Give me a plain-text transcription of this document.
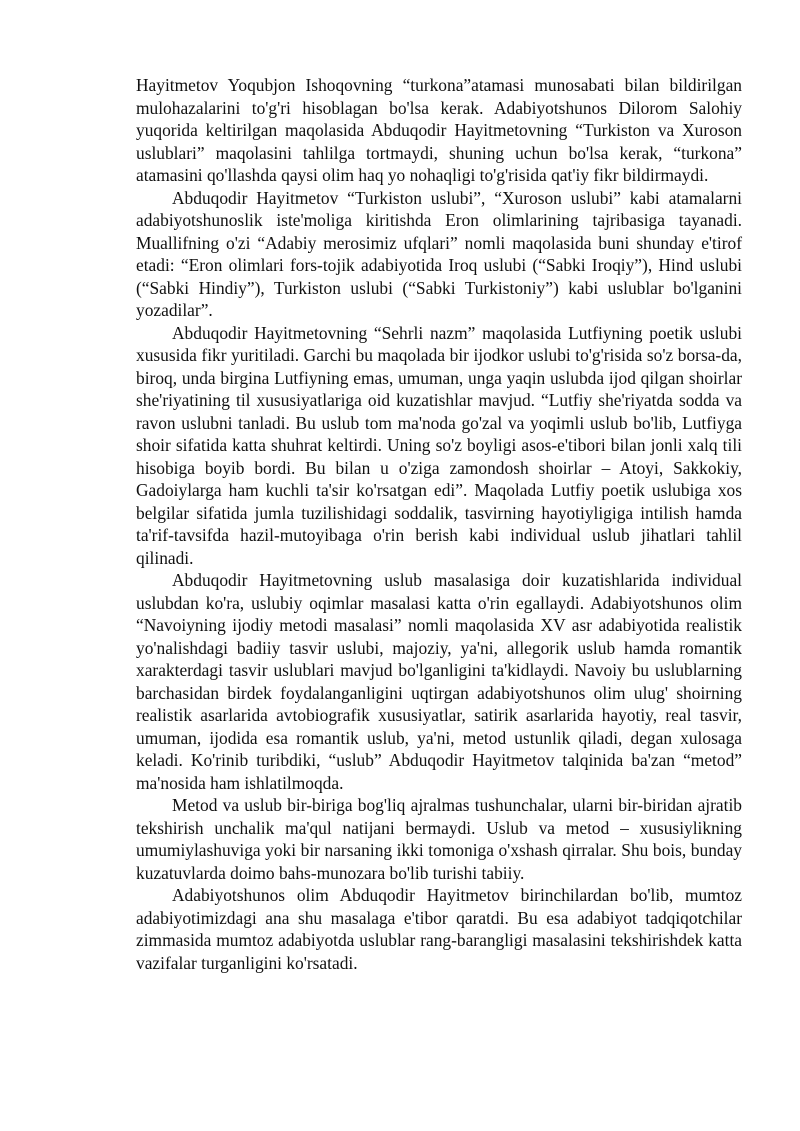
Hayitmetov Yoqubjon Ishoqovning “turkona”atamasi munosabati bilan bildirilgan mulohazalarini to'g'ri hisoblagan bo'lsa kerak. Adabiyotshunos Dilorom Salohiy yuqorida keltirilgan maqolasida Abduqodir Hayitmetovning “Turkiston va Xuroson uslublari” maqolasini tahlilga tortmaydi, shuning uchun bo'lsa kerak, “turkona” atamasini qo'llashda qaysi olim haq yo nohaqligi to'g'risida qat'iy fikr bildirmaydi.

Abduqodir Hayitmetov “Turkiston uslubi”, “Xuroson uslubi” kabi atamalarni adabiyotshunoslik iste'moliga kiritishda Eron olimlarining tajribasiga tayanadi. Muallifning o'zi “Adabiy merosimiz ufqlari” nomli maqolasida buni shunday e'tirof etadi: “Eron olimlari fors-tojik adabiyotida Iroq uslubi (“Sabki Iroqiy”), Hind uslubi (“Sabki Hindiy”), Turkiston uslubi (“Sabki Turkistoniy”) kabi uslublar bo'lganini yozadilar”.

Abduqodir Hayitmetovning “Sehrli nazm” maqolasida Lutfiyning poetik uslubi xususida fikr yuritiladi. Garchi bu maqolada bir ijodkor uslubi to'g'risida so'z borsa-da, biroq, unda birgina Lutfiyning emas, umuman, unga yaqin uslubda ijod qilgan shoirlar she'riyatining til xususiyatlariga oid kuzatishlar mavjud. “Lutfiy she'riyatda sodda va ravon uslubni tanladi. Bu uslub tom ma'noda go'zal va yoqimli uslub bo'lib, Lutfiyga shoir sifatida katta shuhrat keltirdi. Uning so'z boyligi asos-e'tibori bilan jonli xalq tili hisobiga boyib bordi. Bu bilan u o'ziga zamondosh shoirlar – Atoyi, Sakkokiy, Gadoiylarga ham kuchli ta'sir ko'rsatgan edi”. Maqolada Lutfiy poetik uslubiga xos belgilar sifatida jumla tuzilishidagi soddalik, tasvirning hayotiyligiga intilish hamda ta'rif-tavsifda hazil-mutoyibaga o'rin berish kabi individual uslub jihatlari tahlil qilinadi.

Abduqodir Hayitmetovning uslub masalasiga doir kuzatishlarida individual uslubdan ko'ra, uslubiy oqimlar masalasi katta o'rin egallaydi. Adabiyotshunos olim “Navoiyning ijodiy metodi masalasi” nomli maqolasida XV asr adabiyotida realistik yo'nalishdagi badiiy tasvir uslubi, majoziy, ya'ni, allegorik uslub hamda romantik xarakterdagi tasvir uslublari mavjud bo'lganligini ta'kidlaydi. Navoiy bu uslublarning barchasidan birdek foydalanganligini uqtirgan adabiyotshunos olim ulug' shoirning realistik asarlarida avtobiografik xususiyatlar, satirik asarlarida hayotiy, real tasvir, umuman, ijodida esa romantik uslub, ya'ni, metod ustunlik qiladi, degan xulosaga keladi. Ko'rinib turibdiki, “uslub” Abduqodir Hayitmetov talqinida ba'zan “metod” ma'nosida ham ishlatilmoqda.

Metod va uslub bir-biriga bog'liq ajralmas tushunchalar, ularni bir-biridan ajratib tekshirish unchalik ma'qul natijani bermaydi. Uslub va metod – xususiylikning umumiylashuviga yoki bir narsaning ikki tomoniga o'xshash qirralar. Shu bois, bunday kuzatuvlarda doimo bahs-munozara bo'lib turishi tabiiy.

Adabiyotshunos olim Abduqodir Hayitmetov birinchilardan bo'lib, mumtoz adabiyotimizdagi ana shu masalaga e'tibor qaratdi. Bu esa adabiyot tadqiqotchilar zimmasida mumtoz adabiyotda uslublar rang-barangligi masalasini tekshirishdek katta vazifalar turganligini ko'rsatadi.
